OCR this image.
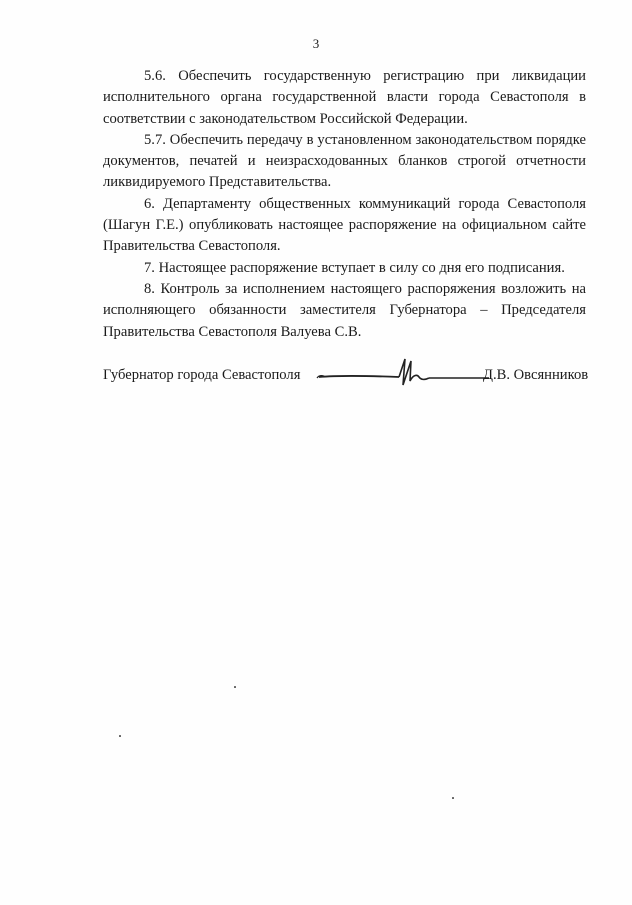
3

5.6. Обеспечить государственную регистрацию при ликвидации исполнительного органа государственной власти города Севастополя в соответствии с законодательством Российской Федерации.

5.7. Обеспечить передачу в установленном законодательством порядке документов, печатей и неизрасходованных бланков строгой отчетности ликвидируемого Представительства.

6. Департаменту общественных коммуникаций города Севастополя (Шагун Г.Е.) опубликовать настоящее распоряжение на официальном сайте Правительства Севастополя.

7. Настоящее распоряжение вступает в силу со дня его подписания.

8. Контроль за исполнением настоящего распоряжения возложить на исполняющего обязанности заместителя Губернатора – Председателя Правительства Севастополя Валуева С.В.

Губернатор города Севастополя	Д.В. Овсянников
